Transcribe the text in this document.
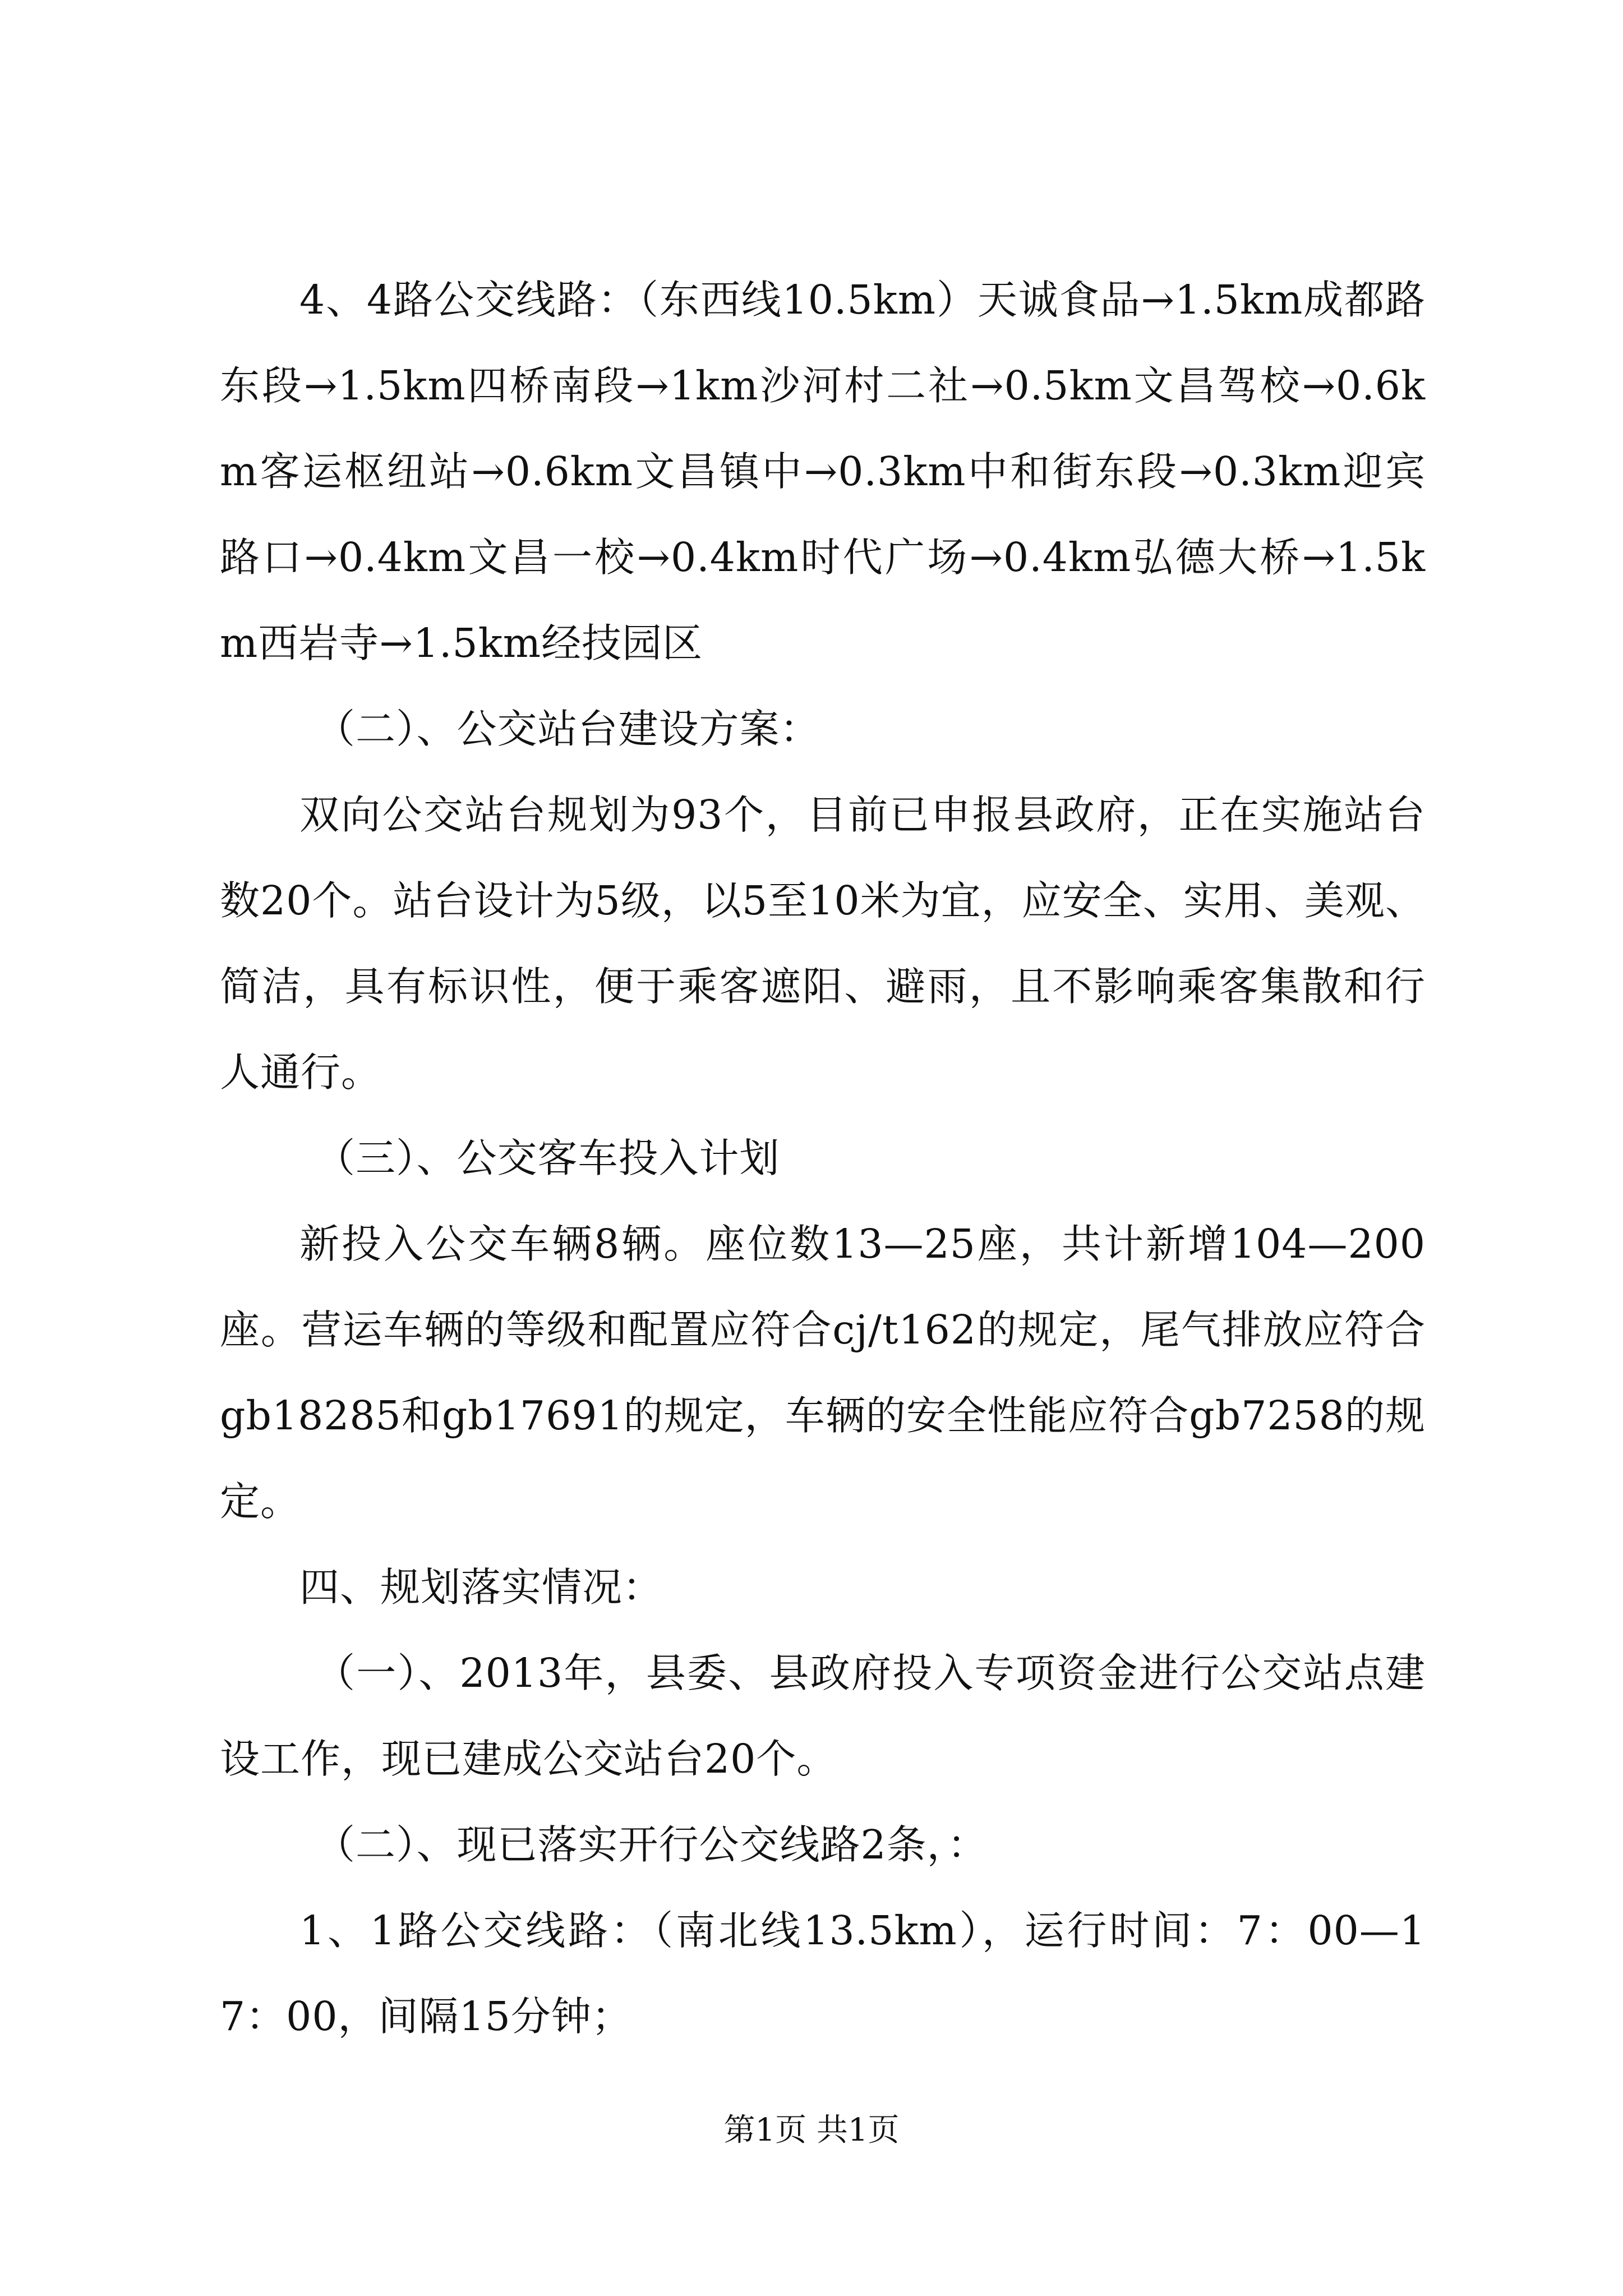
4、4路公交线路：（东西线10.5km）天诚食品→1.5km成都路东段→1.5km四桥南段→1km沙河村二社→0.5km文昌驾校→0.6km客运枢纽站→0.6km文昌镇中→0.3km中和街东段→0.3km迎宾路口→0.4km文昌一校→0.4km时代广场→0.4km弘德大桥→1.5km西岩寺→1.5km经技园区

（二）、公交站台建设方案：

双向公交站台规划为93个，目前已申报县政府，正在实施站台数20个。站台设计为5级，以5至10米为宜，应安全、实用、美观、简洁，具有标识性，便于乘客遮阳、避雨，且不影响乘客集散和行人通行。

（三）、公交客车投入计划

新投入公交车辆8辆。座位数13—25座，共计新增104—200座。营运车辆的等级和配置应符合cj/t162的规定，尾气排放应符合gb18285和gb17691的规定，车辆的安全性能应符合gb7258的规定。

四、规划落实情况：

（一）、2013年，县委、县政府投入专项资金进行公交站点建设工作，现已建成公交站台20个。

（二）、现已落实开行公交线路2条，：

1、1路公交线路：（南北线13.5km），运行时间：7：00—17：00，间隔15分钟；

第1页 共1页
